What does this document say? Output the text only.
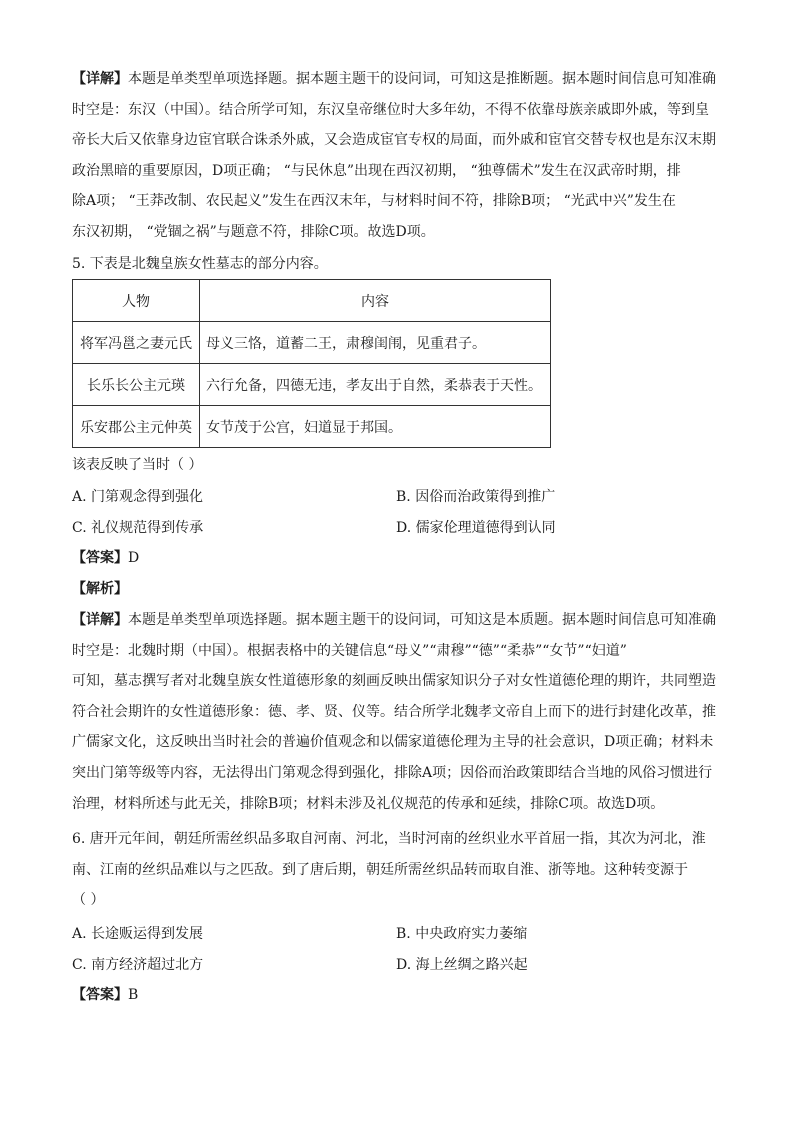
【详解】本题是单类型单项选择题。据本题主题干的设问词，可知这是推断题。据本题时间信息可知准确
时空是：东汉（中国）。结合所学可知，东汉皇帝继位时大多年幼，不得不依靠母族亲戚即外戚，等到皇
帝长大后又依靠身边宦官联合诛杀外戚，又会造成宦官专权的局面，而外戚和宦官交替专权也是东汉末期
政治黑暗的重要原因，D项正确； “与民休息”出现在西汉初期， “独尊儒术”发生在汉武帝时期，排
除A项； “王莽改制、农民起义”发生在西汉末年，与材料时间不符，排除B项； “光武中兴”发生在
东汉初期， “党锢之祸”与题意不符，排除C项。故选D项。
5. 下表是北魏皇族女性墓志的部分内容。
人物	内容
将军冯邕之妻元氏	母义三恪，道蓄二王，肃穆闺闱，见重君子。
长乐长公主元瑛	六行允备，四德无违，孝友出于自然，柔恭表于天性。
乐安郡公主元仲英	女节茂于公宫，妇道显于邦国。
该表反映了当时（ ）
A. 门第观念得到强化	B. 因俗而治政策得到推广
C. 礼仪规范得到传承	D. 儒家伦理道德得到认同
【答案】D
【解析】
【详解】本题是单类型单项选择题。据本题主题干的设问词，可知这是本质题。据本题时间信息可知准确
时空是：北魏时期（中国）。根据表格中的关键信息“母义”“肃穆”“德”“柔恭”“女节”“妇道”
可知，墓志撰写者对北魏皇族女性道德形象的刻画反映出儒家知识分子对女性道德伦理的期许，共同塑造
符合社会期许的女性道德形象：德、孝、贤、仪等。结合所学北魏孝文帝自上而下的进行封建化改革，推
广儒家文化，这反映出当时社会的普遍价值观念和以儒家道德伦理为主导的社会意识，D项正确；材料未
突出门第等级等内容，无法得出门第观念得到强化，排除A项；因俗而治政策即结合当地的风俗习惯进行
治理，材料所述与此无关，排除B项；材料未涉及礼仪规范的传承和延续，排除C项。故选D项。
6. 唐开元年间，朝廷所需丝织品多取自河南、河北，当时河南的丝织业水平首屈一指，其次为河北，淮
南、江南的丝织品难以与之匹敌。到了唐后期，朝廷所需丝织品转而取自淮、浙等地。这种转变源于
（ ）
A. 长途贩运得到发展	B. 中央政府实力萎缩
C. 南方经济超过北方	D. 海上丝绸之路兴起
【答案】B
